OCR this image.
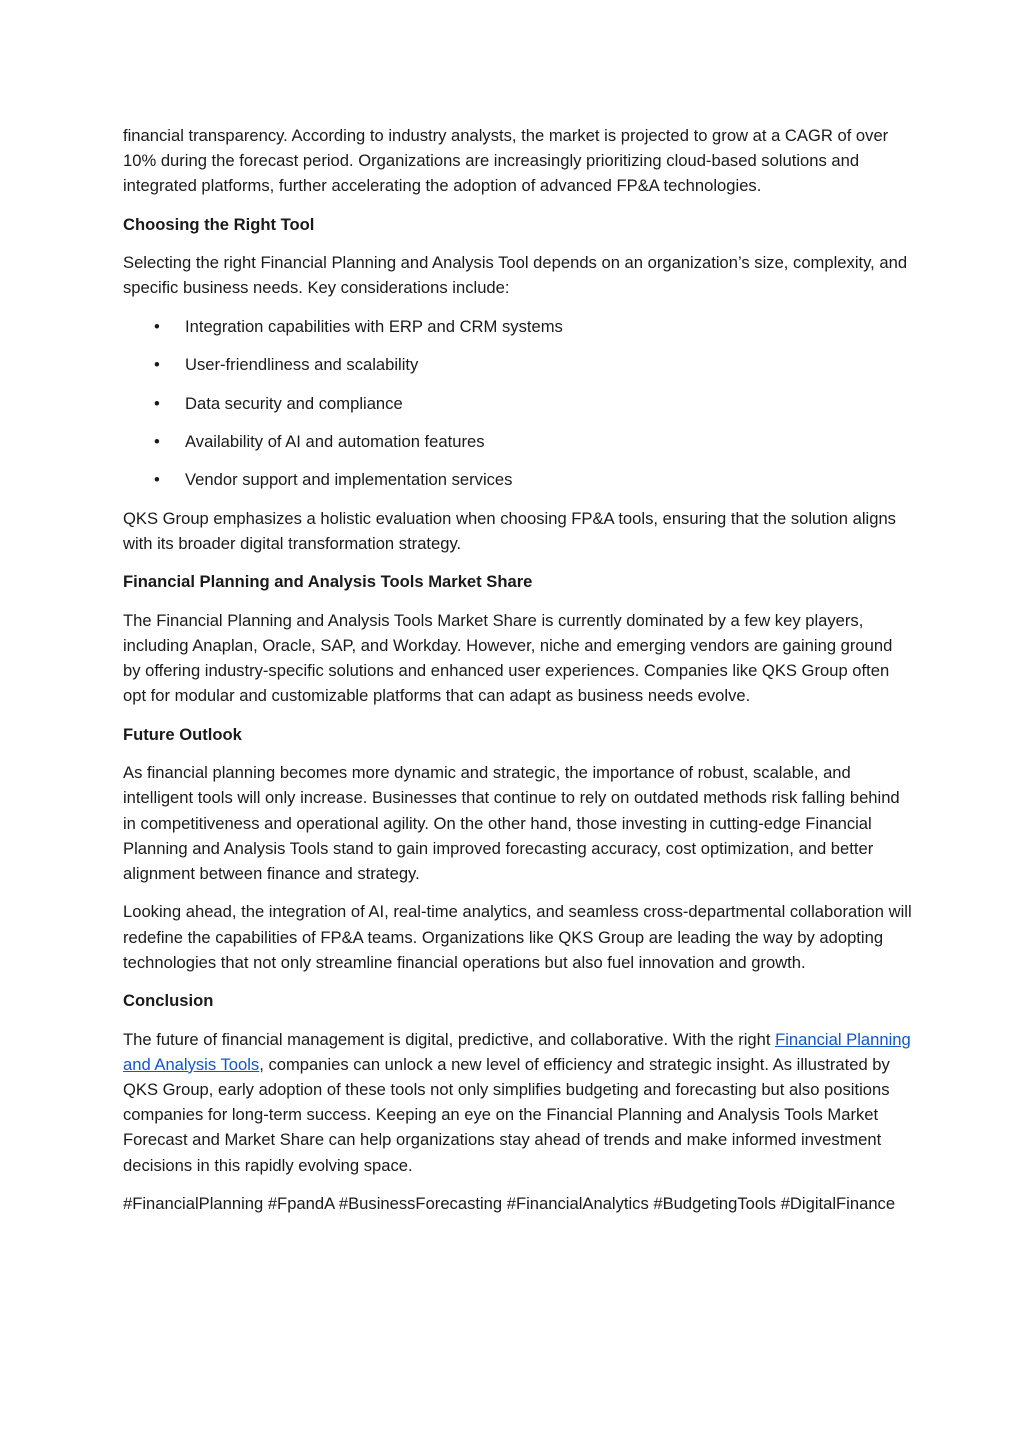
financial transparency. According to industry analysts, the market is projected to grow at a CAGR of over 10% during the forecast period. Organizations are increasingly prioritizing cloud-based solutions and integrated platforms, further accelerating the adoption of advanced FP&A technologies.

Choosing the Right Tool

Selecting the right Financial Planning and Analysis Tool depends on an organization’s size, complexity, and specific business needs. Key considerations include:

•	Integration capabilities with ERP and CRM systems
•	User-friendliness and scalability
•	Data security and compliance
•	Availability of AI and automation features
•	Vendor support and implementation services

QKS Group emphasizes a holistic evaluation when choosing FP&A tools, ensuring that the solution aligns with its broader digital transformation strategy.

Financial Planning and Analysis Tools Market Share

The Financial Planning and Analysis Tools Market Share is currently dominated by a few key players, including Anaplan, Oracle, SAP, and Workday. However, niche and emerging vendors are gaining ground by offering industry-specific solutions and enhanced user experiences. Companies like QKS Group often opt for modular and customizable platforms that can adapt as business needs evolve.

Future Outlook

As financial planning becomes more dynamic and strategic, the importance of robust, scalable, and intelligent tools will only increase. Businesses that continue to rely on outdated methods risk falling behind in competitiveness and operational agility. On the other hand, those investing in cutting-edge Financial Planning and Analysis Tools stand to gain improved forecasting accuracy, cost optimization, and better alignment between finance and strategy.

Looking ahead, the integration of AI, real-time analytics, and seamless cross-departmental collaboration will redefine the capabilities of FP&A teams. Organizations like QKS Group are leading the way by adopting technologies that not only streamline financial operations but also fuel innovation and growth.

Conclusion

The future of financial management is digital, predictive, and collaborative. With the right Financial Planning and Analysis Tools, companies can unlock a new level of efficiency and strategic insight. As illustrated by QKS Group, early adoption of these tools not only simplifies budgeting and forecasting but also positions companies for long-term success. Keeping an eye on the Financial Planning and Analysis Tools Market Forecast and Market Share can help organizations stay ahead of trends and make informed investment decisions in this rapidly evolving space.

#FinancialPlanning #FpandA #BusinessForecasting #FinancialAnalytics #BudgetingTools #DigitalFinance
